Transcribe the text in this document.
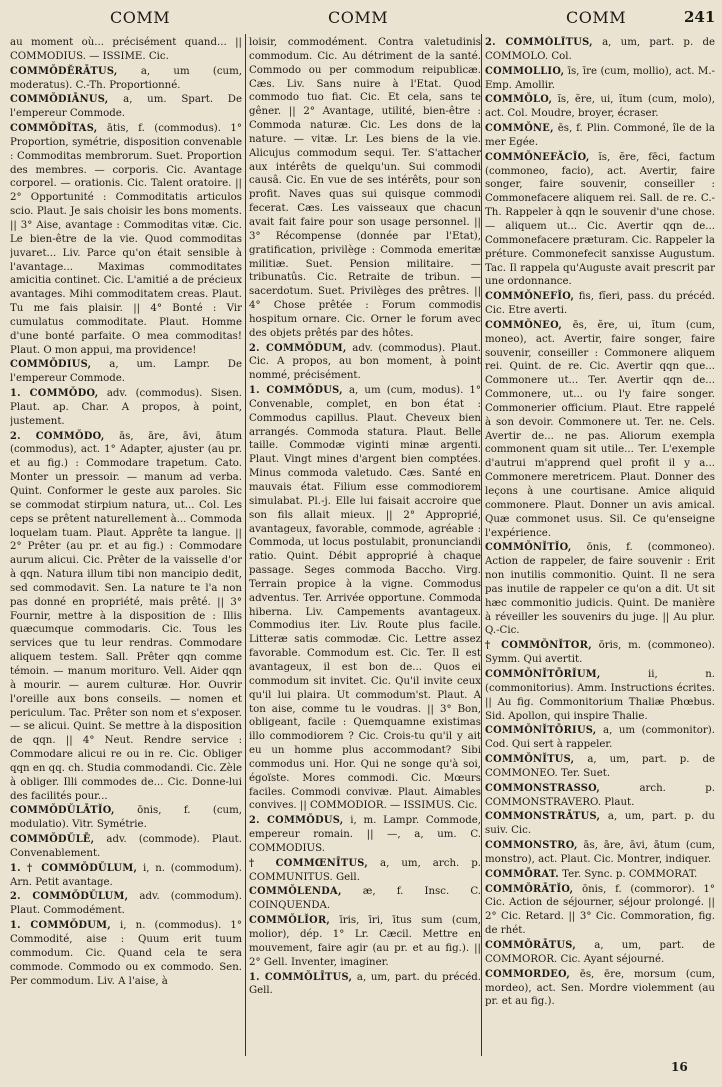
COMM	COMM	COMM	241
au moment où... précisément quand... || COMMODIUS. — ISSIME. Cic.
COMMŎDĔRĀTUS, a, um (cum, moderatus). C.-Th. Proportionné.
COMMŎDIĀNUS, a, um. Spart. De l'empereur Commode.
COMMŎDĬTAS, ātis, f. (commodus). 1° Proportion, symétrie, disposition convenable : Commoditas membrorum. Suet. Proportion des membres. — corporis. Cic. Avantage corporel. — orationis. Cic. Talent oratoire. || 2° Opportunité : Commoditatis articulos scio. Plaut. Je sais choisir les bons moments. || 3° Aise, avantage : Commoditas vitæ. Cic. Le bien-être de la vie. Quod commoditas juvaret... Liv. Parce qu'on était sensible à l'avantage... Maximas commoditates amicitia continet. Cic. L'amitié a de précieux avantages. Mihi commoditatem creas. Plaut. Tu me fais plaisir. || 4° Bonté : Vir cumulatus commoditate. Plaut. Homme d'une bonté parfaite. O mea commoditas! Plaut. O mon appui, ma providence!
COMMŎDIUS, a, um. Lampr. De l'empereur Commode.
1. COMMŎDO, adv. (commodus). Sisen. Plaut. ap. Char. A propos, à point, justement.
2. COMMŎDO, ās, āre, āvi, ātum (commodus), act. 1° Adapter, ajuster (au pr. et au fig.) : Commodare trapetum. Cato. Monter un pressoir. — manum ad verba. Quint. Conformer le geste aux paroles. Sic se commodat stirpium natura, ut... Col. Les ceps se prêtent naturellement à... Commoda loquelam tuam. Plaut. Apprête ta langue. || 2° Prêter (au pr. et au fig.) : Commodare aurum alicui. Cic. Prêter de la vaisselle d'or à qqn. Natura illum tibi non mancipio dedit, sed commodavit. Sen. La nature te l'a non pas donné en propriété, mais prêté. || 3° Fournir, mettre à la disposition de : Illis quæcumque commodaris. Cic. Tous les services que tu leur rendras. Commodare aliquem testem. Sall. Prêter qqn comme témoin. — manum morituro. Vell. Aider qqn à mourir. — aurem culturæ. Hor. Ouvrir l'oreille aux bons conseils. — nomen et periculum. Tac. Prêter son nom et s'exposer. — se alicui. Quint. Se mettre à la disposition de qqn. || 4° Neut. Rendre service : Commodare alicui re ou in re. Cic. Obliger qqn en qq. ch. Studia commodandi. Cic. Zèle à obliger. Illi commodes de... Cic. Donne-lui des facilités pour...
COMMŎDŬLĀTĬO, ōnis, f. (cum, modulatio). Vitr. Symétrie.
COMMŎDŬLĒ, adv. (commode). Plaut. Convenablement.
1. † COMMŎDŬLUM, i, n. (commodum). Arn. Petit avantage.
2. COMMŎDŬLUM, adv. (commodum). Plaut. Commodément.
1. COMMŎDUM, i, n. (commodus). 1° Commodité, aise : Quum erit tuum commodum. Cic. Quand cela te sera commode. Commodo ou ex commodo. Sen. Per commodum. Liv. A l'aise, à
loisir, commodément. Contra valetudinis commodum. Cic. Au détriment de la santé. Commodo ou per commodum reipublicæ. Cæs. Liv. Sans nuire à l'Etat. Quod commodo tuo fiat. Cic. Et cela, sans te gêner. || 2° Avantage, utilité, bien-être : Commoda naturæ. Cic. Les dons de la nature. — vitæ. Lr. Les biens de la vie. Alicujus commodum sequi. Ter. S'attacher aux intérêts de quelqu'un. Sui commodi causâ. Cic. En vue de ses intérêts, pour son profit. Naves quas sui quisque commodi fecerat. Cæs. Les vaisseaux que chacun avait fait faire pour son usage personnel. || 3° Récompense (donnée par l'Etat), gratification, privilège : Commoda emeritæ militiæ. Suet. Pension militaire. — tribunatûs. Cic. Retraite de tribun. — sacerdotum. Suet. Privilèges des prêtres. || 4° Chose prêtée : Forum commodis hospitum ornare. Cic. Orner le forum avec des objets prêtés par des hôtes.
2. COMMŎDUM, adv. (commodus). Plaut. Cic. A propos, au bon moment, à point nommé, précisément.
1. COMMŎDUS, a, um (cum, modus). 1° Convenable, complet, en bon état : Commodus capillus. Plaut. Cheveux bien arrangés. Commoda statura. Plaut. Belle taille. Commodæ viginti minæ argenti. Plaut. Vingt mines d'argent bien comptées. Minus commoda valetudo. Cæs. Santé en mauvais état. Filium esse commodiorem simulabat. Pl.-j. Elle lui faisait accroire que son fils allait mieux. || 2° Approprié, avantageux, favorable, commode, agréable : Commoda, ut locus postulabit, pronunciandi ratio. Quint. Débit approprié à chaque passage. Seges commoda Baccho. Virg. Terrain propice à la vigne. Commodus adventus. Ter. Arrivée opportune. Commoda hiberna. Liv. Campements avantageux. Commodius iter. Liv. Route plus facile. Litteræ satis commodæ. Cic. Lettre assez favorable. Commodum est. Cic. Ter. Il est avantageux, il est bon de... Quos ei commodum sit invitet. Cic. Qu'il invite ceux qu'il lui plaira. Ut commodum'st. Plaut. A ton aise, comme tu le voudras. || 3° Bon, obligeant, facile : Quemquamne existimas illo commodiorem ? Cic. Crois-tu qu'il y ait eu un homme plus accommodant? Sibi commodus uni. Hor. Qui ne songe qu'à soi, égoïste. Mores commodi. Cic. Mœurs faciles. Commodi convivæ. Plaut. Aimables convives. || COMMODIOR. — ISSIMUS. Cic.
2. COMMŎDUS, i, m. Lampr. Commode, empereur romain. || —, a, um. C. COMMODIUS.
† COMMŒNĪTUS, a, um, arch. p. COMMUNITUS. Gell.
COMMŎLENDA, æ, f. Insc. C. COINQUENDA.
COMMŎLĬOR, īris, īri, ītus sum (cum, molior), dép. 1° Lr. Cæcil. Mettre en mouvement, faire agir (au pr. et au fig.). || 2° Gell. Inventer, imaginer.
1. COMMŎLĪTUS, a, um, part. du précéd. Gell.
2. COMMŎLĪTUS, a, um, part. p. de COMMOLO. Col.
COMMOLLIO, īs, īre (cum, mollio), act. M.-Emp. Amollir.
COMMŎLO, ĭs, ĕre, ui, ĭtum (cum, molo), act. Col. Moudre, broyer, écraser.
COMMŎNE, ēs, f. Plin. Commoné, île de la mer Egée.
COMMŎNEFĂCĬO, ĭs, ĕre, fēci, factum (commoneo, facio), act. Avertir, faire songer, faire souvenir, conseiller : Commonefacere aliquem rei. Sall. de re. C.-Th. Rappeler à qqn le souvenir d'une chose. — aliquem ut... Cic. Avertir qqn de... Commonefacere præturam. Cic. Rappeler la préture. Commonefecit sanxisse Augustum. Tac. Il rappela qu'Auguste avait prescrit par une ordonnance.
COMMŎNEFĬO, fis, fĭeri, pass. du précéd. Cic. Etre averti.
COMMŎNEO, ēs, ĕre, ui, ĭtum (cum, moneo), act. Avertir, faire songer, faire souvenir, conseiller : Commonere aliquem rei. Quint. de re. Cic. Avertir qqn que... Commonere ut... Ter. Avertir qqn de... Commonere, ut... ou l'y faire songer. Commonerier officium. Plaut. Etre rappelé à son devoir. Commonere ut. Ter. ne. Cels. Avertir de... ne pas. Aliorum exempla commonent quam sit utile... Ter. L'exemple d'autrui m'apprend quel profit il y a... Commonere meretricem. Plaut. Donner des leçons à une courtisane. Amice aliquid commonere. Plaut. Donner un avis amical. Quæ commonet usus. Sil. Ce qu'enseigne l'expérience.
COMMŎNĬTĬO, ōnis, f. (commoneo). Action de rappeler, de faire souvenir : Erit non inutilis commonitio. Quint. Il ne sera pas inutile de rappeler ce qu'on a dit. Ut sit hæc commonitio judicis. Quint. De manière à réveiller les souvenirs du juge. || Au plur. Q.-Cic.
† COMMŎNĬTOR, ōris, m. (commoneo). Symm. Qui avertit.
COMMŎNĬTŌRĬUM, ii, n. (commonitorius). Amm. Instructions écrites. || Au fig. Commonitorium Thaliæ Phœbus. Sid. Apollon, qui inspire Thalie.
COMMŎNĬTŌRIUS, a, um (commonitor). Cod. Qui sert à rappeler.
COMMŎNĬTUS, a, um, part. p. de COMMONEO. Ter. Suet.
COMMONSTRASSO, arch. p. COMMONSTRAVERO. Plaut.
COMMONSTRĀTUS, a, um, part. p. du suiv. Cic.
COMMONSTRO, ās, āre, āvi, ātum (cum, monstro), act. Plaut. Cic. Montrer, indiquer.
COMMŌRAT. Ter. Sync. p. COMMORAT.
COMMŎRĀTĬO, ōnis, f. (commoror). 1° Cic. Action de séjourner, séjour prolongé. || 2° Cic. Retard. || 3° Cic. Commoration, fig. de rhét.
COMMŎRĀTUS, a, um, part. de COMMOROR. Cic. Ayant séjourné.
COMMORDEO, ēs, ēre, morsum (cum, mordeo), act. Sen. Mordre violemment (au pr. et au fig.).
16
